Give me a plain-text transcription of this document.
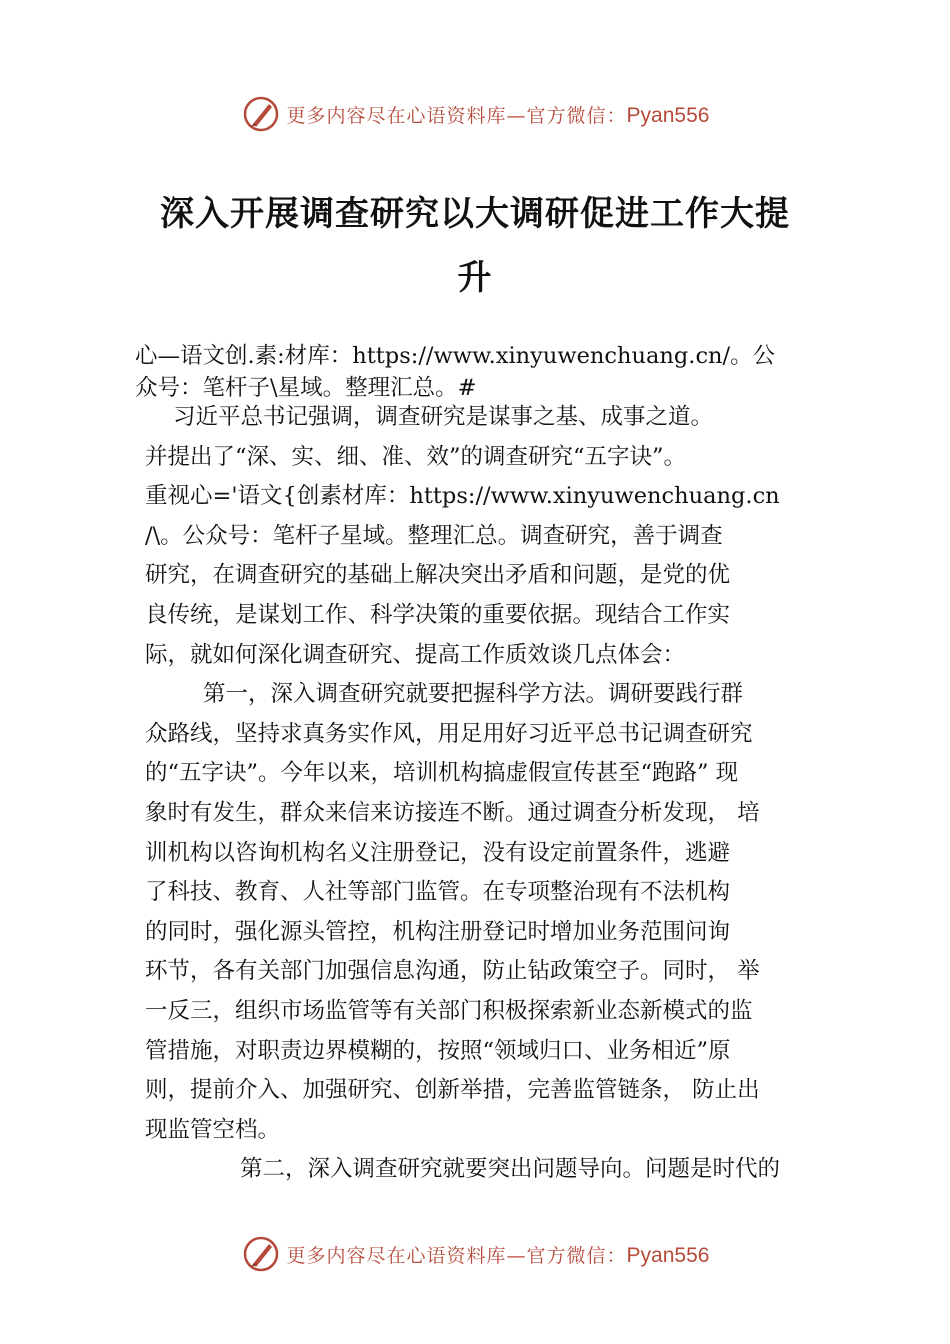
更多内容尽在心语资料库—官方微信：Pyan556
深入开展调查研究以大调研促进工作大提
升
心—语文创.素:材库：https://www.xinyuwenchuang.cn/。公
众号：笔杆子\星域。整理汇总。#
习近平总书记强调，调查研究是谋事之基、成事之道。
并提出了“深、实、细、准、效”的调查研究“五字诀”。
重视心='语文{创素材库：https://www.xinyuwenchuang.cn
/\。公众号：笔杆子星域。整理汇总。调查研究，善于调查
研究，在调查研究的基础上解决突出矛盾和问题，是党的优
良传统，是谋划工作、科学决策的重要依据。现结合工作实
际，就如何深化调查研究、提高工作质效谈几点体会：
第一，深入调查研究就要把握科学方法。调研要践行群
众路线，坚持求真务实作风，用足用好习近平总书记调查研究
的“五字诀”。今年以来，培训机构搞虚假宣传甚至“跑路” 现
象时有发生，群众来信来访接连不断。通过调查分析发现， 培
训机构以咨询机构名义注册登记，没有设定前置条件，逃避
了科技、教育、人社等部门监管。在专项整治现有不法机构
的同时，强化源头管控，机构注册登记时增加业务范围问询
环节，各有关部门加强信息沟通，防止钻政策空子。同时， 举
一反三，组织市场监管等有关部门积极探索新业态新模式的监
管措施，对职责边界模糊的，按照“领域归口、业务相近”原
则，提前介入、加强研究、创新举措，完善监管链条， 防止出
现监管空档。
第二，深入调查研究就要突出问题导向。问题是时代的
更多内容尽在心语资料库—官方微信：Pyan556
